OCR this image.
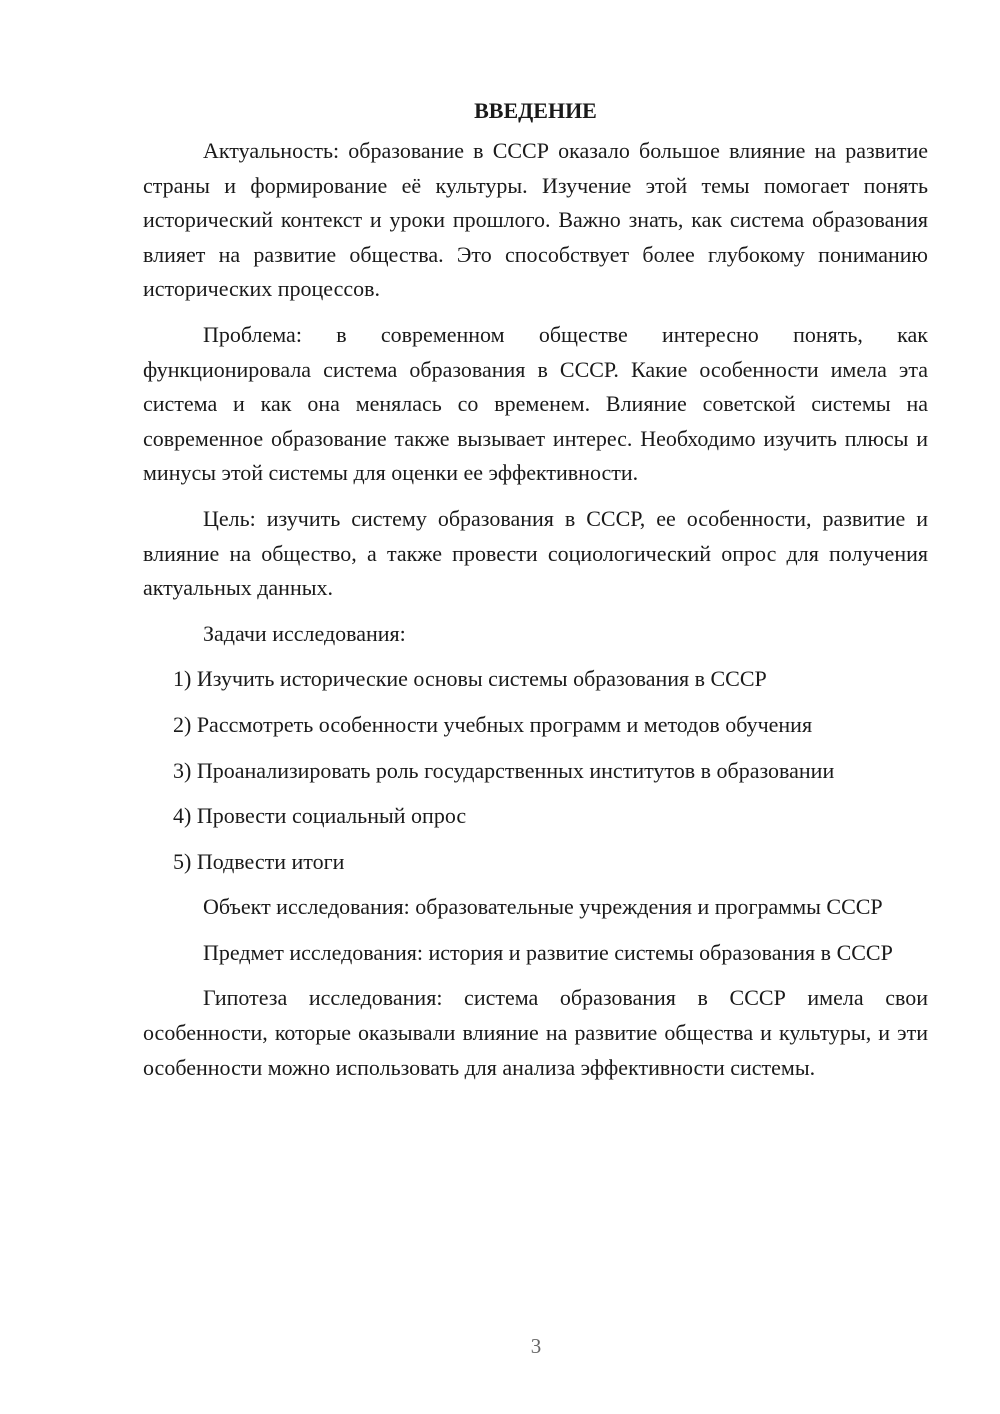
ВВЕДЕНИЕ

Актуальность: образование в СССР оказало большое влияние на развитие страны и формирование её культуры. Изучение этой темы помогает понять исторический контекст и уроки прошлого. Важно знать, как система образования влияет на развитие общества. Это способствует более глубокому пониманию исторических процессов.

Проблема: в современном обществе интересно понять, как функционировала система образования в СССР. Какие особенности имела эта система и как она менялась со временем. Влияние советской системы на современное образование также вызывает интерес. Необходимо изучить плюсы и минусы этой системы для оценки ее эффективности.

Цель: изучить систему образования в СССР, ее особенности, развитие и влияние на общество, а также провести социологический опрос для получения актуальных данных.

Задачи исследования:

1) Изучить исторические основы системы образования в СССР

2) Рассмотреть особенности учебных программ и методов обучения

3) Проанализировать роль государственных институтов в образовании

4) Провести социальный опрос

5) Подвести итоги

Объект исследования: образовательные учреждения и программы СССР

Предмет исследования: история и развитие системы образования в СССР

Гипотеза исследования: система образования в СССР имела свои особенности, которые оказывали влияние на развитие общества и культуры, и эти особенности можно использовать для анализа эффективности системы.

3
